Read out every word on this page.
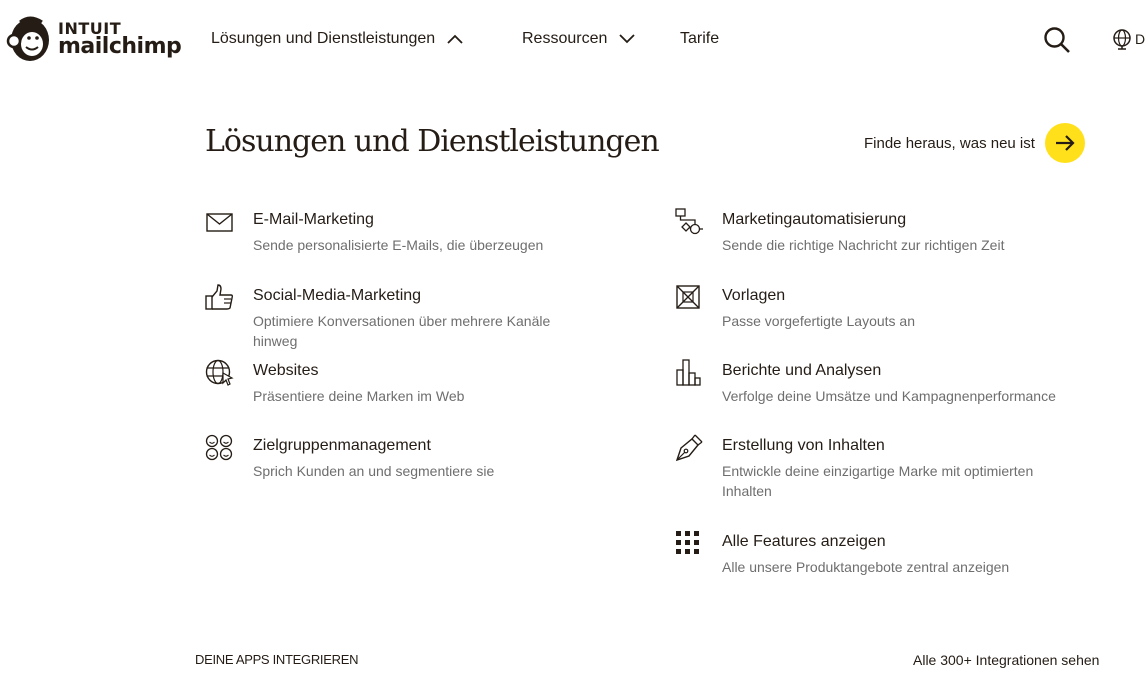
INTUIT
mailchimp Lösungen und Dienstleistungen	Ressourcen	Tarife	D
Lösungen und Dienstleistungen	Finde heraus, was neu ist
E-Mail-Marketing
Sende personalisierte E-Mails, die überzeugen
Social-Media-Marketing
Optimiere Konversationen über mehrere Kanäle hinweg
Websites
Präsentiere deine Marken im Web
Zielgruppenmanagement
Sprich Kunden an und segmentiere sie
Marketingautomatisierung
Sende die richtige Nachricht zur richtigen Zeit
Vorlagen
Passe vorgefertigte Layouts an
Berichte und Analysen
Verfolge deine Umsätze und Kampagnenperformance
Erstellung von Inhalten
Entwickle deine einzigartige Marke mit optimierten Inhalten
Alle Features anzeigen
Alle unsere Produktangebote zentral anzeigen
DEINE APPS INTEGRIEREN	Alle 300+ Integrationen sehen
